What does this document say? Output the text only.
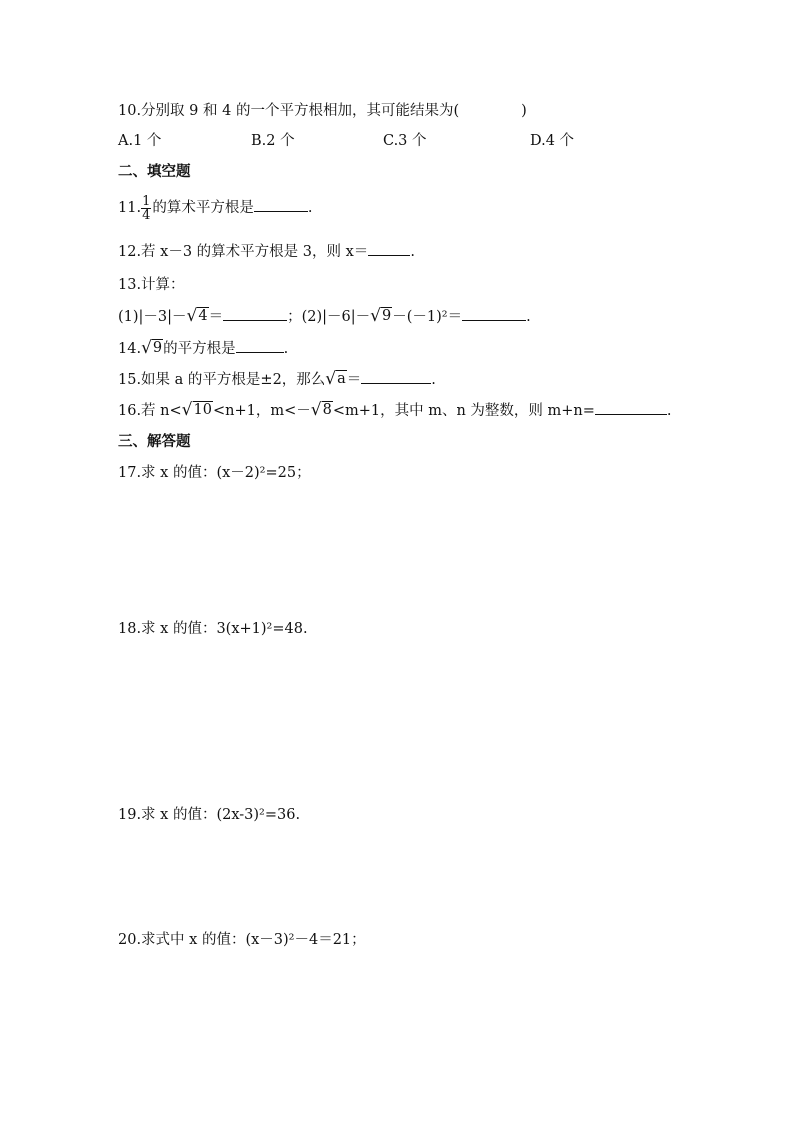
10.分别取 9 和 4 的一个平方根相加，其可能结果为(	)
A.1 个	B.2 个	C.3 个	D.4 个
二、填空题
11. $\frac{1}{4}$ 的算术平方根是	.
12.若 x－3 的算术平方根是 3，则 x＝	.
13.计算：
(1)|－3|－ √ 4 ＝	；(2)|－6|－ √ 9 －(－1)²＝	.
14. √ 9 的平方根是	.
15.如果 a 的平方根是±2，那么 √ a ＝	.
16.若 n< √ 10 <n+1，m<－ √ 8 <m+1，其中 m、n 为整数，则 m+n=	.
三、解答题
17.求 x 的值：(x－2)²=25；
18.求 x 的值：3(x+1)²=48.
19.求 x 的值：(2x-3)²=36.
20.求式中 x 的值：(x－3)²－4＝21；
